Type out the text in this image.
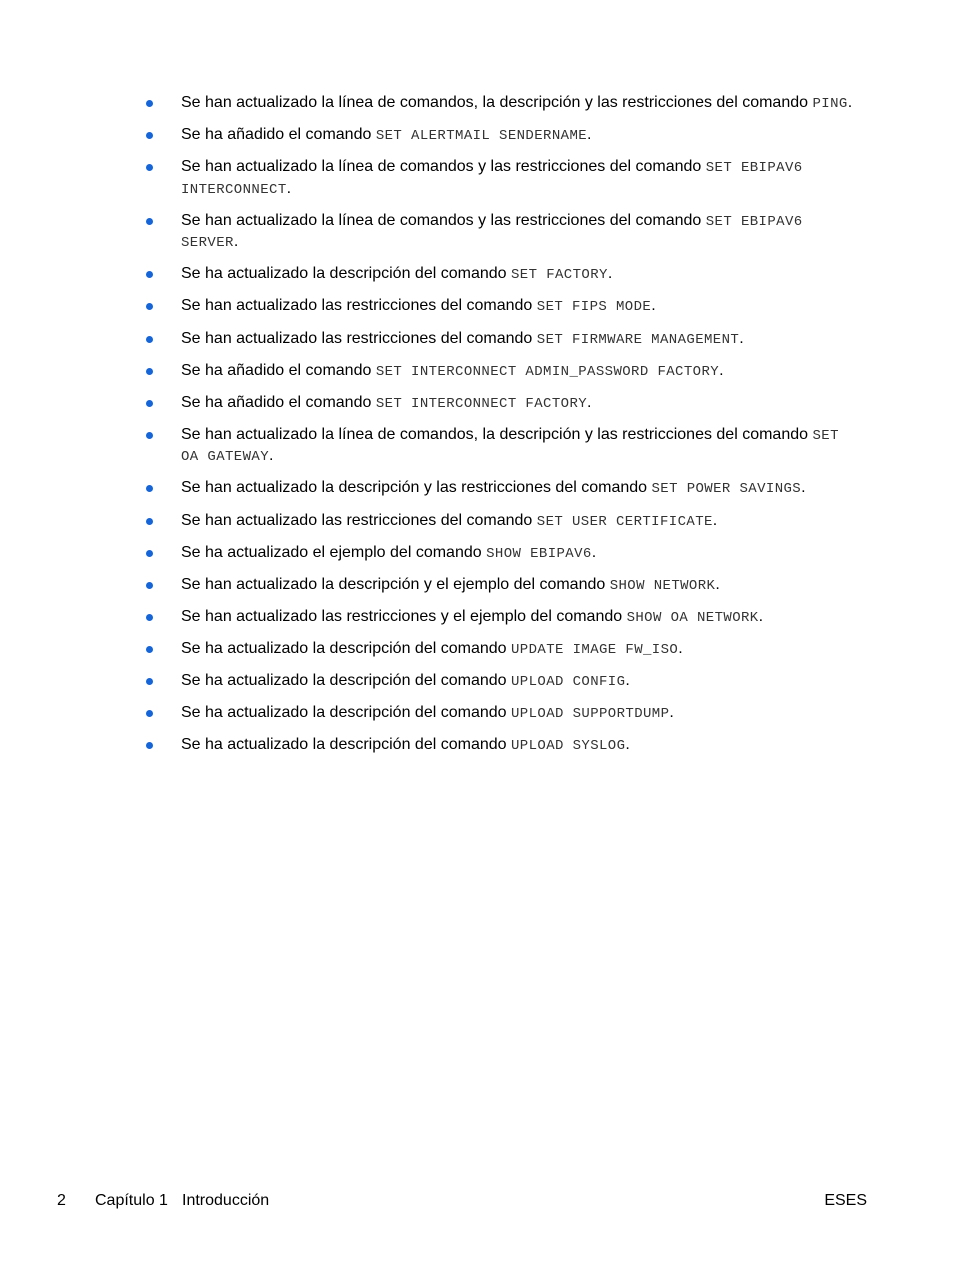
Se han actualizado la línea de comandos, la descripción y las restricciones del comando PING.
Se ha añadido el comando SET ALERTMAIL SENDERNAME.
Se han actualizado la línea de comandos y las restricciones del comando SET EBIPAV6 INTERCONNECT.
Se han actualizado la línea de comandos y las restricciones del comando SET EBIPAV6 SERVER.
Se ha actualizado la descripción del comando SET FACTORY.
Se han actualizado las restricciones del comando SET FIPS MODE.
Se han actualizado las restricciones del comando SET FIRMWARE MANAGEMENT.
Se ha añadido el comando SET INTERCONNECT ADMIN_PASSWORD FACTORY.
Se ha añadido el comando SET INTERCONNECT FACTORY.
Se han actualizado la línea de comandos, la descripción y las restricciones del comando SET OA GATEWAY.
Se han actualizado la descripción y las restricciones del comando SET POWER SAVINGS.
Se han actualizado las restricciones del comando SET USER CERTIFICATE.
Se ha actualizado el ejemplo del comando SHOW EBIPAV6.
Se han actualizado la descripción y el ejemplo del comando SHOW NETWORK.
Se han actualizado las restricciones y el ejemplo del comando SHOW OA NETWORK.
Se ha actualizado la descripción del comando UPDATE IMAGE FW_ISO.
Se ha actualizado la descripción del comando UPLOAD CONFIG.
Se ha actualizado la descripción del comando UPLOAD SUPPORTDUMP.
Se ha actualizado la descripción del comando UPLOAD SYSLOG.
2 Capítulo 1 Introducción	ESES
